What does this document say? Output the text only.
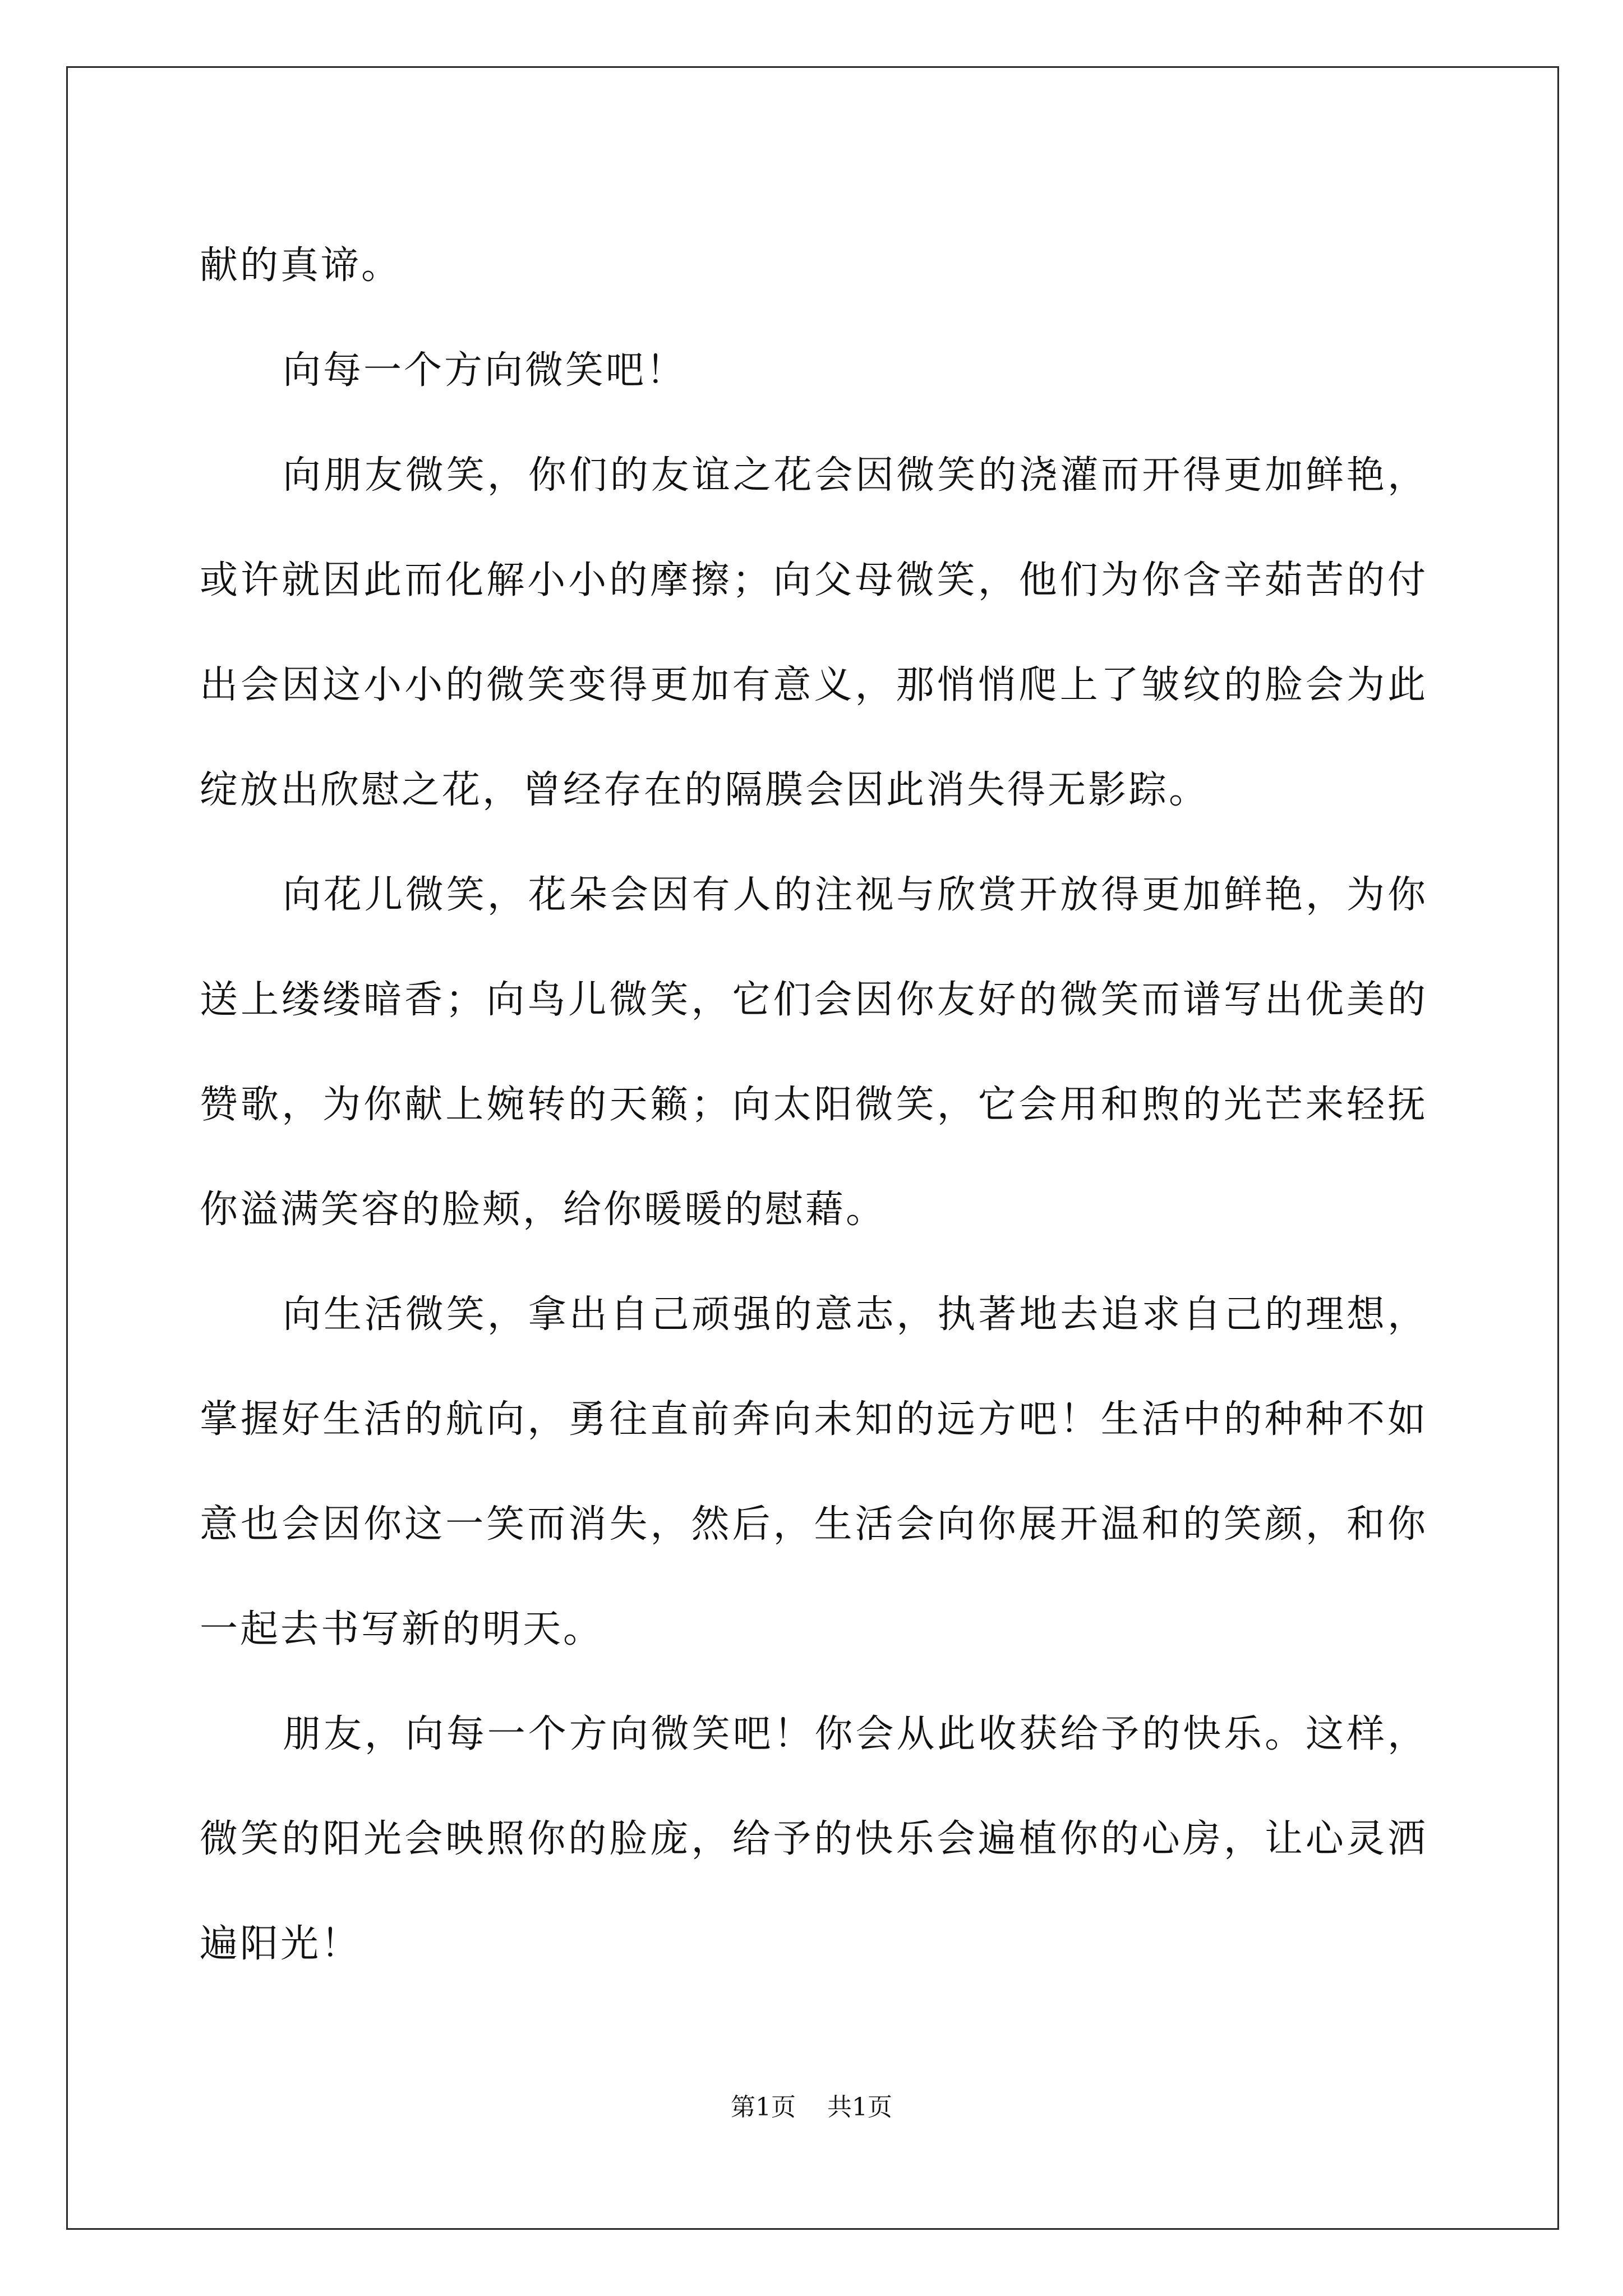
献的真谛。

向每一个方向微笑吧！

向朋友微笑，你们的友谊之花会因微笑的浇灌而开得更加鲜艳，或许就因此而化解小小的摩擦；向父母微笑，他们为你含辛茹苦的付出会因这小小的微笑变得更加有意义，那悄悄爬上了皱纹的脸会为此绽放出欣慰之花，曾经存在的隔膜会因此消失得无影踪。

向花儿微笑，花朵会因有人的注视与欣赏开放得更加鲜艳，为你送上缕缕暗香；向鸟儿微笑，它们会因你友好的微笑而谱写出优美的赞歌，为你献上婉转的天籁；向太阳微笑，它会用和煦的光芒来轻抚你溢满笑容的脸颊，给你暖暖的慰藉。

向生活微笑，拿出自己顽强的意志，执著地去追求自己的理想，掌握好生活的航向，勇往直前奔向未知的远方吧！生活中的种种不如意也会因你这一笑而消失，然后，生活会向你展开温和的笑颜，和你一起去书写新的明天。

朋友，向每一个方向微笑吧！你会从此收获给予的快乐。这样，微笑的阳光会映照你的脸庞，给予的快乐会遍植你的心房，让心灵洒遍阳光！

第1页 共1页
